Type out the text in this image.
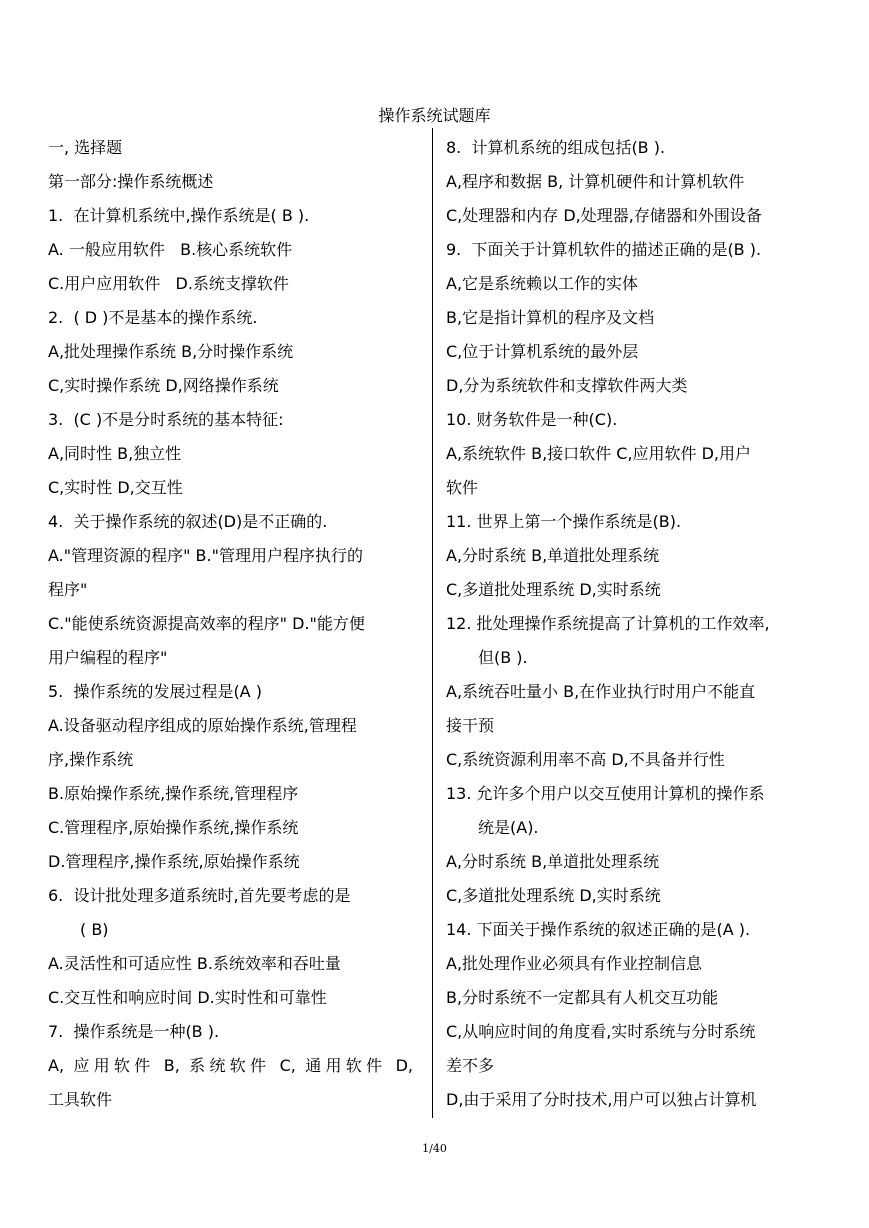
操作系统试题库
一, 选择题
第一部分:操作系统概述
1.  在计算机系统中,操作系统是( B ).
A. 一般应用软件   B.核心系统软件
C.用户应用软件   D.系统支撑软件
2.  ( D )不是基本的操作系统.
A,批处理操作系统 B,分时操作系统
C,实时操作系统 D,网络操作系统
3.  (C )不是分时系统的基本特征:
A,同时性 B,独立性
C,实时性 D,交互性
4.  关于操作系统的叙述(D)是不正确的.
A."管理资源的程序" B."管理用户程序执行的
程序"
C."能使系统资源提高效率的程序" D."能方便
用户编程的程序"
5.  操作系统的发展过程是(A )
A.设备驱动程序组成的原始操作系统,管理程
序,操作系统
B.原始操作系统,操作系统,管理程序
C.管理程序,原始操作系统,操作系统
D.管理程序,操作系统,原始操作系统
6.  设计批处理多道系统时,首先要考虑的是
( B)
A.灵活性和可适应性 B.系统效率和吞吐量
C.交互性和响应时间 D.实时性和可靠性
7.  操作系统是一种(B ).
A, 应用软件 B, 系统软件 C, 通用软件 D,
工具软件
8.  计算机系统的组成包括(B ).
A,程序和数据 B, 计算机硬件和计算机软件
C,处理器和内存 D,处理器,存储器和外围设备
9.  下面关于计算机软件的描述正确的是(B ).
A,它是系统赖以工作的实体
B,它是指计算机的程序及文档
C,位于计算机系统的最外层
D,分为系统软件和支撑软件两大类
10. 财务软件是一种(C).
A,系统软件 B,接口软件 C,应用软件 D,用户
软件
11. 世界上第一个操作系统是(B).
A,分时系统 B,单道批处理系统
C,多道批处理系统 D,实时系统
12. 批处理操作系统提高了计算机的工作效率,
但(B ).
A,系统吞吐量小 B,在作业执行时用户不能直
接干预
C,系统资源利用率不高 D,不具备并行性
13. 允许多个用户以交互使用计算机的操作系
统是(A).
A,分时系统 B,单道批处理系统
C,多道批处理系统 D,实时系统
14. 下面关于操作系统的叙述正确的是(A ).
A,批处理作业必须具有作业控制信息
B,分时系统不一定都具有人机交互功能
C,从响应时间的角度看,实时系统与分时系统
差不多
D,由于采用了分时技术,用户可以独占计算机
1/40
